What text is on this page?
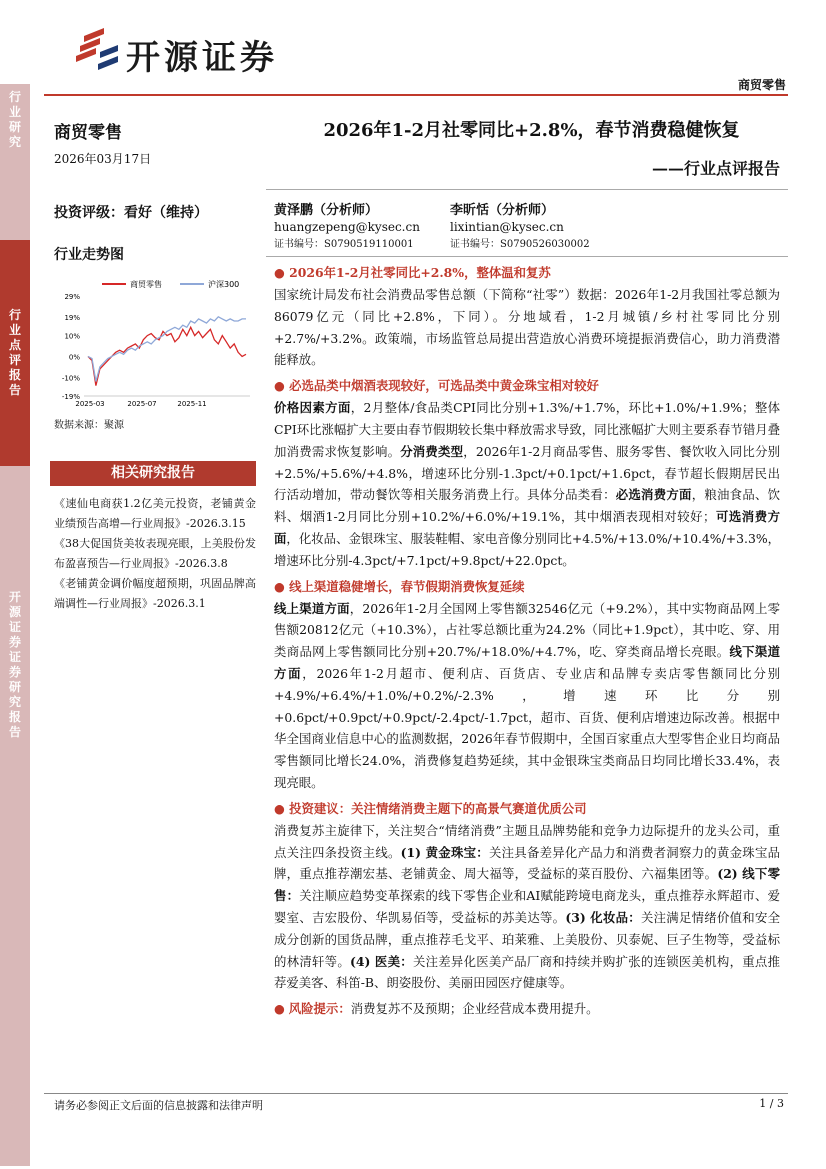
开源证券
商贸零售
行业研究
行业点评报告
开源证券 证券研究报告
商贸零售
2026年03月17日
投资评级：看好（维持）
行业走势图
商贸零售	沪深300
29%
19%
10%
0%
-10%
-19%
2025-03	2025-07	2025-11
数据来源：聚源
相关研究报告
《速仙电商获1.2亿美元投资，老铺黄金业绩预告高增—行业周报》-2026.3.15
《38大促国货美妆表现亮眼，上美股份发布盈喜预告—行业周报》-2026.3.8
《老铺黄金调价幅度超预期，巩固品牌高端调性—行业周报》-2026.3.1
2026年1-2月社零同比+2.8%，春节消费稳健恢复
——行业点评报告
黄泽鹏（分析师）
huangzepeng@kysec.cn
证书编号：S0790519110001
李昕恬（分析师）
lixintian@kysec.cn
证书编号：S0790526030002
● 2026年1-2月社零同比+2.8%，整体温和复苏

国家统计局发布社会消费品零售总额（下简称“社零”）数据：2026年1-2月我国社零总额为86079亿元（同比+2.8%，下同）。分地域看，1-2月城镇/乡村社零同比分别+2.7%/+3.2%。政策端，市场监管总局提出营造放心消费环境提振消费信心，助力消费潜能释放。

● 必选品类中烟酒表现较好，可选品类中黄金珠宝相对较好

价格因素方面，2月整体/食品类CPI同比分别+1.3%/+1.7%，环比+1.0%/+1.9%；整体CPI环比涨幅扩大主要由春节假期较长集中释放需求导致，同比涨幅扩大则主要系春节错月叠加消费需求恢复影响。分消费类型，2026年1-2月商品零售、服务零售、餐饮收入同比分别+2.5%/+5.6%/+4.8%，增速环比分别-1.3pct/+0.1pct/+1.6pct，春节超长假期居民出行活动增加，带动餐饮等相关服务消费上行。具体分品类看：必选消费方面，粮油食品、饮料、烟酒1-2月同比分别+10.2%/+6.0%/+19.1%，其中烟酒表现相对较好；可选消费方面，化妆品、金银珠宝、服装鞋帽、家电音像分别同比+4.5%/+13.0%/+10.4%/+3.3%，增速环比分别-4.3pct/+7.1pct/+9.8pct/+22.0pct。

● 线上渠道稳健增长，春节假期消费恢复延续

线上渠道方面，2026年1-2月全国网上零售额32546亿元（+9.2%），其中实物商品网上零售额20812亿元（+10.3%），占社零总额比重为24.2%（同比+1.9pct），其中吃、穿、用类商品网上零售额同比分别+20.7%/+18.0%/+4.7%，吃、穿类商品增长亮眼。线下渠道方面，2026年1-2月超市、便利店、百货店、专业店和品牌专卖店零售额同比分别+4.9%/+6.4%/+1.0%/+0.2%/-2.3%，增速环比分别+0.6pct/+0.9pct/+0.9pct/-2.4pct/-1.7pct，超市、百货、便利店增速边际改善。根据中华全国商业信息中心的监测数据，2026年春节假期中，全国百家重点大型零售企业日均商品零售额同比增长24.0%，消费修复趋势延续，其中金银珠宝类商品日均同比增长33.4%，表现亮眼。

● 投资建议：关注情绪消费主题下的高景气赛道优质公司

消费复苏主旋律下，关注契合“情绪消费”主题且品牌势能和竞争力边际提升的龙头公司，重点关注四条投资主线。(1) 黄金珠宝：关注具备差异化产品力和消费者洞察力的黄金珠宝品牌，重点推荐潮宏基、老铺黄金、周大福等，受益标的菜百股份、六福集团等。(2) 线下零售：关注顺应趋势变革探索的线下零售企业和AI赋能跨境电商龙头，重点推荐永辉超市、爱婴室、吉宏股份、华凯易佰等，受益标的苏美达等。(3) 化妆品：关注满足情绪价值和安全成分创新的国货品牌，重点推荐毛戈平、珀莱雅、上美股份、贝泰妮、巨子生物等，受益标的林清轩等。(4) 医美：关注差异化医美产品厂商和持续并购扩张的连锁医美机构，重点推荐爱美客、科笛-B、朗姿股份、美丽田园医疗健康等。

● 风险提示：消费复苏不及预期；企业经营成本费用提升。

请务必参阅正文后面的信息披露和法律声明	1 / 3
